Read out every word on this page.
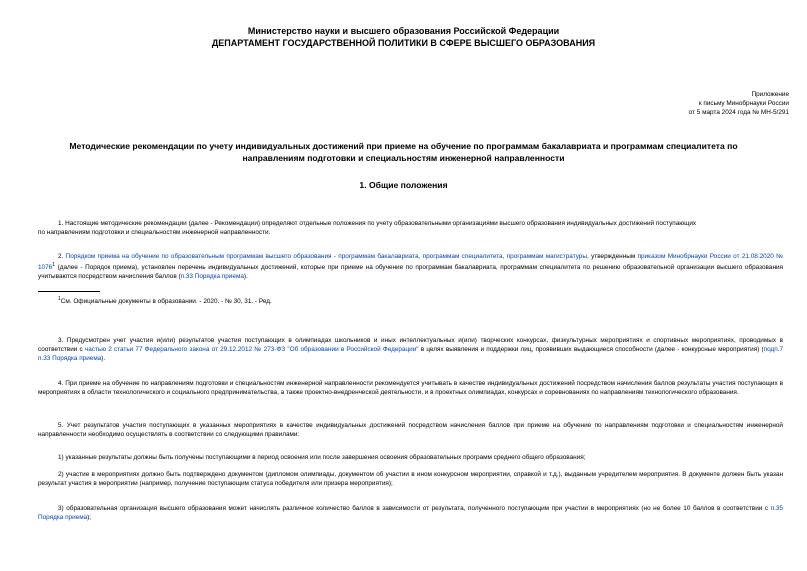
Министерство науки и высшего образования Российской Федерации
ДЕПАРТАМЕНТ ГОСУДАРСТВЕННОЙ ПОЛИТИКИ В СФЕРЕ ВЫСШЕГО ОБРАЗОВАНИЯ
Приложение
к письму Минобрнауки России
от 5 марта 2024 года № МН-5/291
Методические рекомендации по учету индивидуальных достижений при приеме на обучение по программам бакалавриата и программам специалитета по
направлениям подготовки и специальностям инженерной направленности
1. Общие положения
1. Настоящие методические рекомендации (далее - Рекомендации) определяют отдельные положения по учету образовательными организациями высшего образования индивидуальных достижений поступающих
по направлениям подготовки и специальностям инженерной направленности.
2. Порядком приема на обучение по образовательным программам высшего образования - программам бакалавриата, программам специалитета, программам магистратуры, утвержденным приказом Минобрнауки России от 21.08.2020 № 1076$^1$ (далее - Порядок приема), установлен перечень индивидуальных достижений, которые при приеме на обучение по программам бакалавриата, программам специалитета по решению образовательной организации высшего образования учитываются посредством начисления баллов (п.33 Порядка приема).
$^1$См. Официальные документы в образовании. - 2020. - № 30, 31. - Ред.
3. Предусмотрен учет участия и(или) результатов участия поступающих в олимпиадах школьников и иных интеллектуальных и(или) творческих конкурсах, физкультурных мероприятиях и спортивных мероприятиях, проводимых в соответствии с частью 2 статьи 77 Федерального закона от 29.12.2012 № 273-ФЗ "Об образовании в Российской Федерации" в целях выявления и поддержки лиц, проявивших выдающиеся способности (далее - конкурсные мероприятия) (подп.7 п.33 Порядка приема).
4. При приеме на обучение по направлениям подготовки и специальностям инженерной направленности рекомендуется учитывать в качестве индивидуальных достижений посредством начисления баллов результаты участия поступающих в мероприятиях в области технологического и социального предпринимательства, а также проектно-внедренческой деятельности, и в проектных олимпиадах, конкурсах и соревнованиях по направлениям технологического образования.
5. Учет результатов участия поступающих в указанных мероприятиях в качестве индивидуальных достижений посредством начисления баллов при приеме на обучение по направлениям подготовки и специальностям инженерной направленности необходимо осуществлять в соответствии со следующими правилами:
1) указанные результаты должны быть получены поступающими в период освоения или после завершения освоения образовательных программ среднего общего образования;
2) участие в мероприятиях должно быть подтверждено документом (дипломом олимпиады, документом об участии в ином конкурсном мероприятии, справкой и т.д.), выданным учредителем мероприятия. В документе должен быть указан результат участия в мероприятии (например, получение поступающим статуса победителя или призера мероприятия);
3) образовательная организация высшего образования может начислять различное количество баллов в зависимости от результата, полученного поступающим при участии в мероприятиях (но не более 10 баллов в соответствии с п.35 Порядка приема);
